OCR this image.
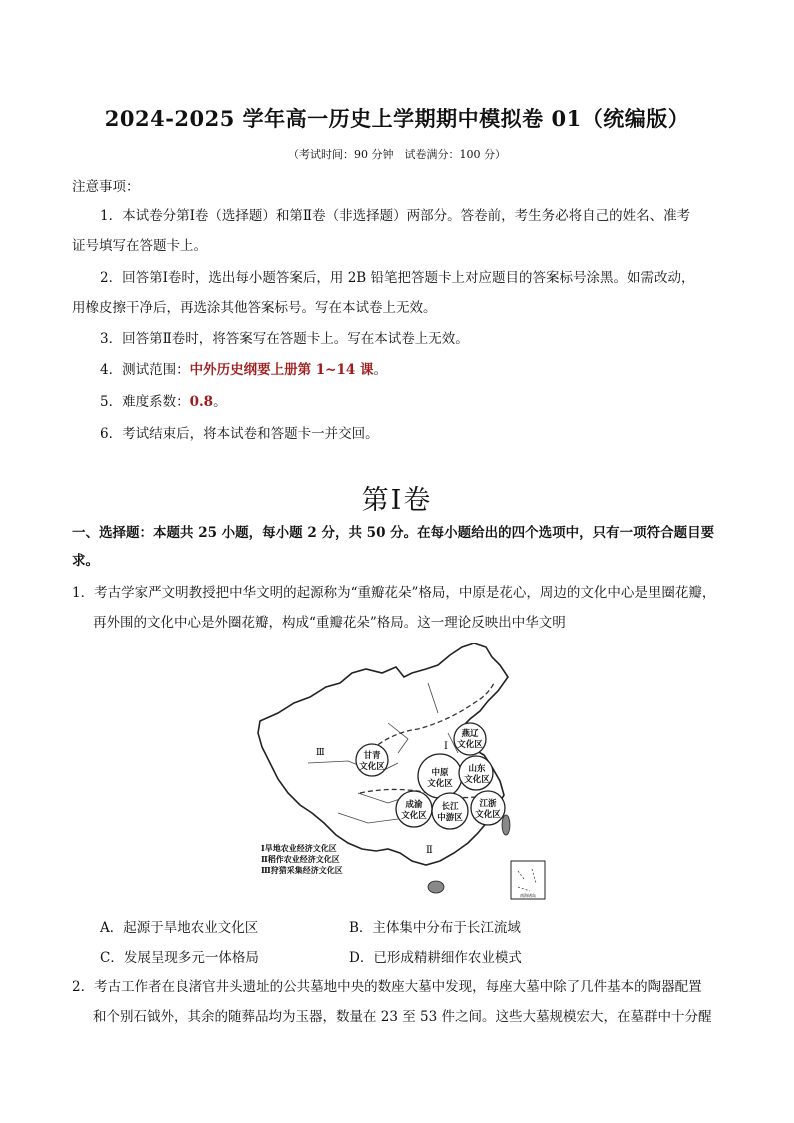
2024-2025 学年高一历史上学期期中模拟卷 01（统编版）
（考试时间：90 分钟　试卷满分：100 分）
注意事项：
1．本试卷分第Ⅰ卷（选择题）和第Ⅱ卷（非选择题）两部分。答卷前，考生务必将自己的姓名、准考
证号填写在答题卡上。
2．回答第Ⅰ卷时，选出每小题答案后，用 2B 铅笔把答题卡上对应题目的答案标号涂黑。如需改动，
用橡皮擦干净后，再选涂其他答案标号。写在本试卷上无效。
3．回答第Ⅱ卷时，将答案写在答题卡上。写在本试卷上无效。
4．测试范围：中外历史纲要上册第 1~14 课。
5．难度系数：0.8。
6．考试结束后，将本试卷和答题卡一并交回。
第Ⅰ卷
一、选择题：本题共 25 小题，每小题 2 分，共 50 分。在每小题给出的四个选项中，只有一项符合题目要
求。
1．考古学家严文明教授把中华文明的起源称为“重瓣花朵”格局，中原是花心，周边的文化中心是里圈花瓣，
再外围的文化中心是外圈花瓣，构成“重瓣花朵”格局。这一理论反映出中华文明
南海诸岛
燕辽
文化区
甘青
文化区
中原
文化区
山东
文化区
成渝
文化区
长江
中游区
江浙
文化区
Ⅰ
Ⅱ
Ⅲ
Ⅰ旱地农业经济文化区
Ⅱ稻作农业经济文化区
Ⅲ狩猎采集经济文化区
A．起源于旱地农业文化区	B．主体集中分布于长江流域
C．发展呈现多元一体格局	D．已形成精耕细作农业模式
2．考古工作者在良渚官井头遗址的公共墓地中央的数座大墓中发现，每座大墓中除了几件基本的陶器配置
和个别石钺外，其余的随葬品均为玉器，数量在 23 至 53 件之间。这些大墓规模宏大，在墓群中十分醒
